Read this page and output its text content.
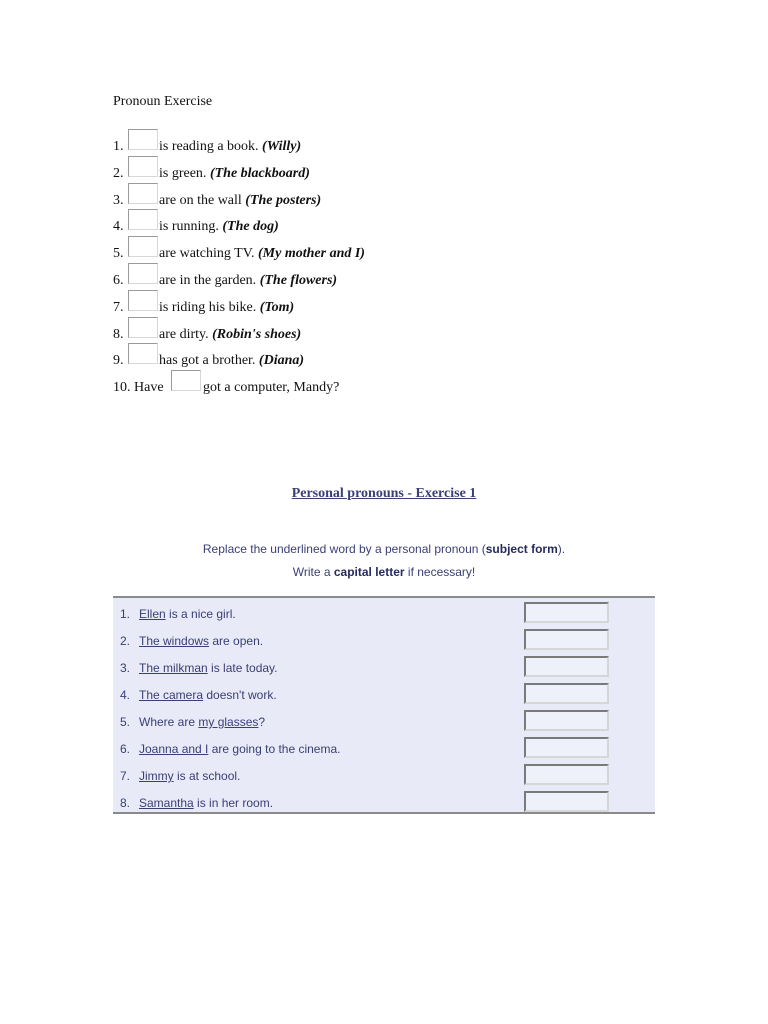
Pronoun Exercise
1.	is reading a book. (Willy)
2.	is green. (The blackboard)
3.	are on the wall (The posters)
4.	is running. (The dog)
5.	are watching TV. (My mother and I)
6.	are in the garden. (The flowers)
7.	is riding his bike. (Tom)
8.	are dirty. (Robin's shoes)
9.	has got a brother. (Diana)
10. Have	got a computer, Mandy?
Personal pronouns - Exercise 1
Replace the underlined word by a personal pronoun (subject form).
Write a capital letter if necessary!
1. Ellen is a nice girl.
2. The windows are open.
3. The milkman is late today.
4. The camera doesn't work.
5. Where are my glasses?
6. Joanna and I are going to the cinema.
7. Jimmy is at school.
8. Samantha is in her room.
